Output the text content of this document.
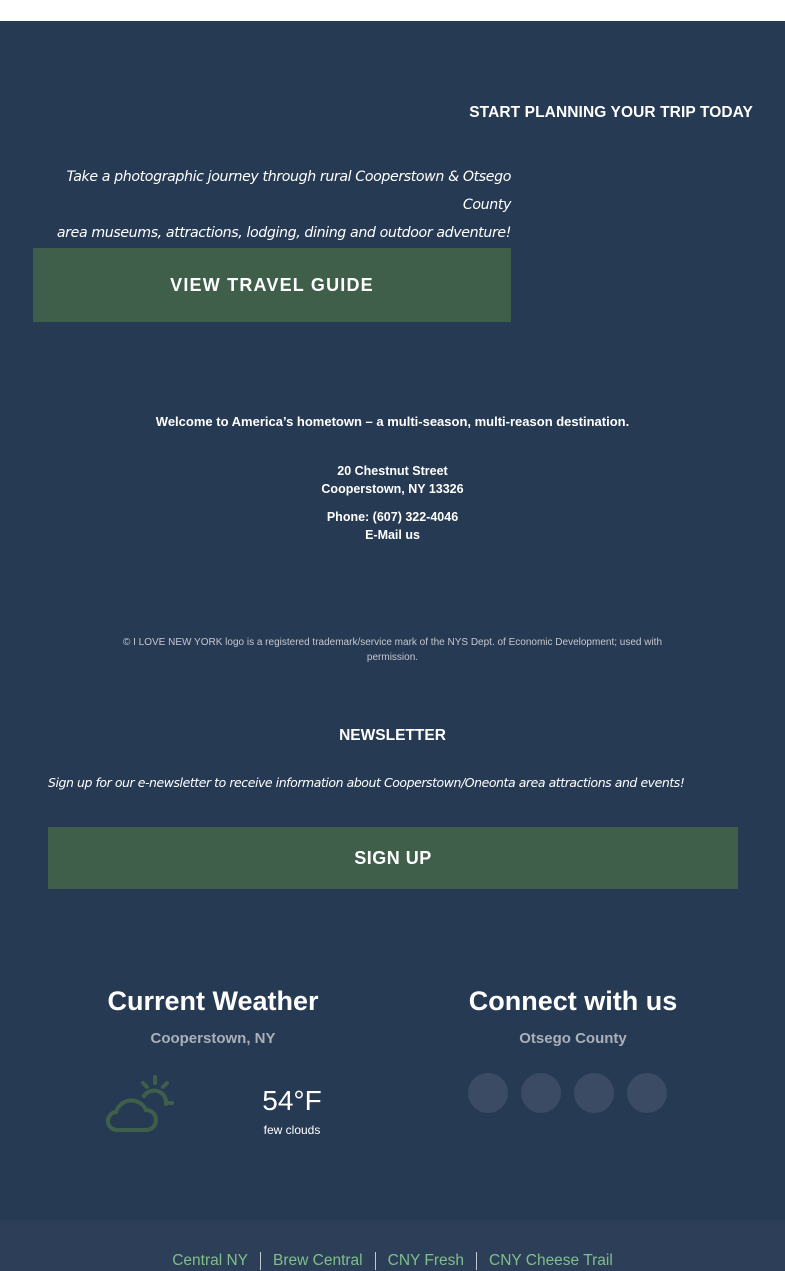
START PLANNING YOUR TRIP TODAY
Take a photographic journey through rural Cooperstown & Otsego County
area museums, attractions, lodging, dining and outdoor adventure!
VIEW TRAVEL GUIDE

Welcome to America’s hometown – a multi-season, multi-reason destination.

20 Chestnut Street
Cooperstown, NY 13326
Phone: (607) 322-4046
E-Mail us
© I LOVE NEW YORK logo is a registered trademark/service mark of the NYS Dept. of Economic Development; used with
permission.
NEWSLETTER

Sign up for our e-newsletter to receive information about Cooperstown/Oneonta area attractions and events!

SIGN UP
Current Weather
Cooperstown, NY
54°F
few clouds
Connect with us
Otsego County
Central NY	Brew Central	CNY Fresh	CNY Cheese Trail
